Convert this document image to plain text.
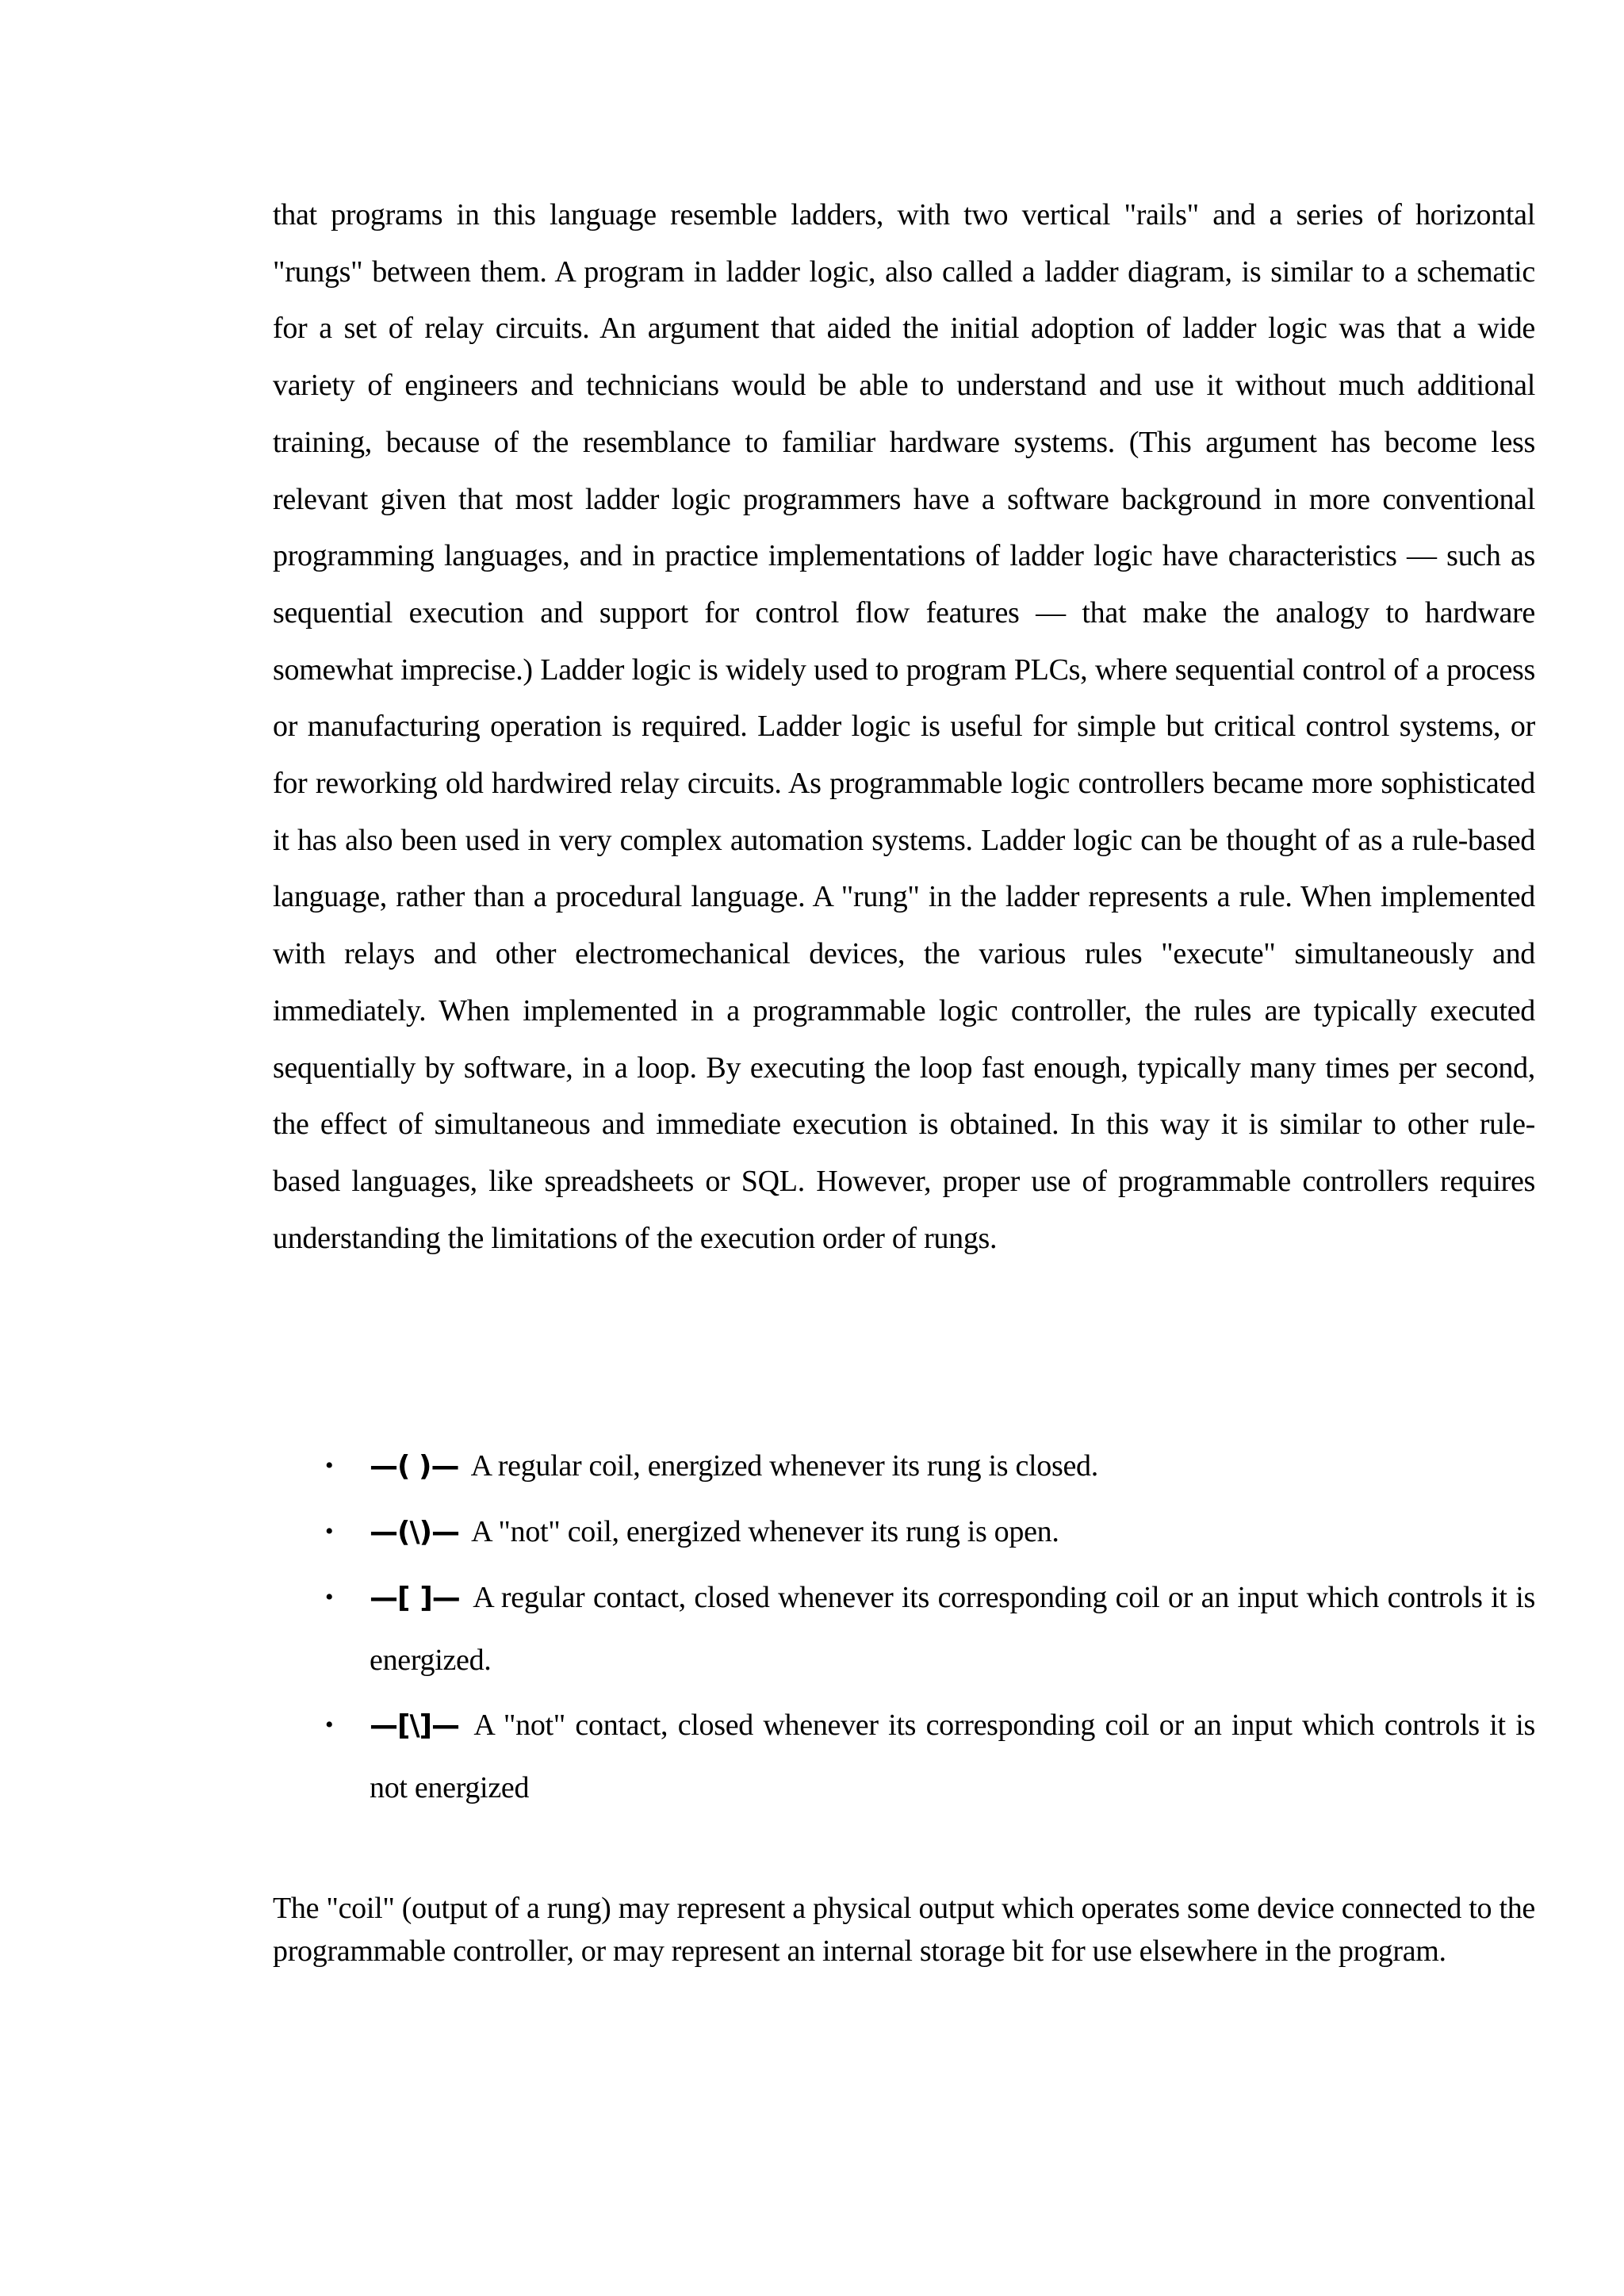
that programs in this language resemble ladders, with two vertical "rails" and a series of horizontal "rungs" between them. A program in ladder logic, also called a ladder diagram, is similar to a schematic for a set of relay circuits. An argument that aided the initial adoption of ladder logic was that a wide variety of engineers and technicians would be able to understand and use it without much additional training, because of the resemblance to familiar hardware systems. (This argument has become less relevant given that most ladder logic programmers have a software background in more conventional programming languages, and in practice implementations of ladder logic have characteristics — such as sequential execution and support for control flow features — that make the analogy to hardware somewhat imprecise.) Ladder logic is widely used to program PLCs, where sequential control of a process or manufacturing operation is required. Ladder logic is useful for simple but critical control systems, or for reworking old hardwired relay circuits. As programmable logic controllers became more sophisticated it has also been used in very complex automation systems. Ladder logic can be thought of as a rule-based language, rather than a procedural language. A "rung" in the ladder represents a rule. When implemented with relays and other electromechanical devices, the various rules "execute" simultaneously and immediately. When implemented in a programmable logic controller, the rules are typically executed sequentially by software, in a loop. By executing the loop fast enough, typically many times per second, the effect of simultaneous and immediate execution is obtained. In this way it is similar to other rule- based languages, like spreadsheets or SQL. However, proper use of programmable controllers requires understanding the limitations of the execution order of rungs.

• —( )— A regular coil, energized whenever its rung is closed.
• —(\)— A "not" coil, energized whenever its rung is open.
• —[ ]— A regular contact, closed whenever its corresponding coil or an input which controls it is energized.
• —[\]— A "not" contact, closed whenever its corresponding coil or an input which controls it is not energized

The "coil" (output of a rung) may represent a physical output which operates some device connected to the programmable controller, or may represent an internal storage bit for use elsewhere in the program.
